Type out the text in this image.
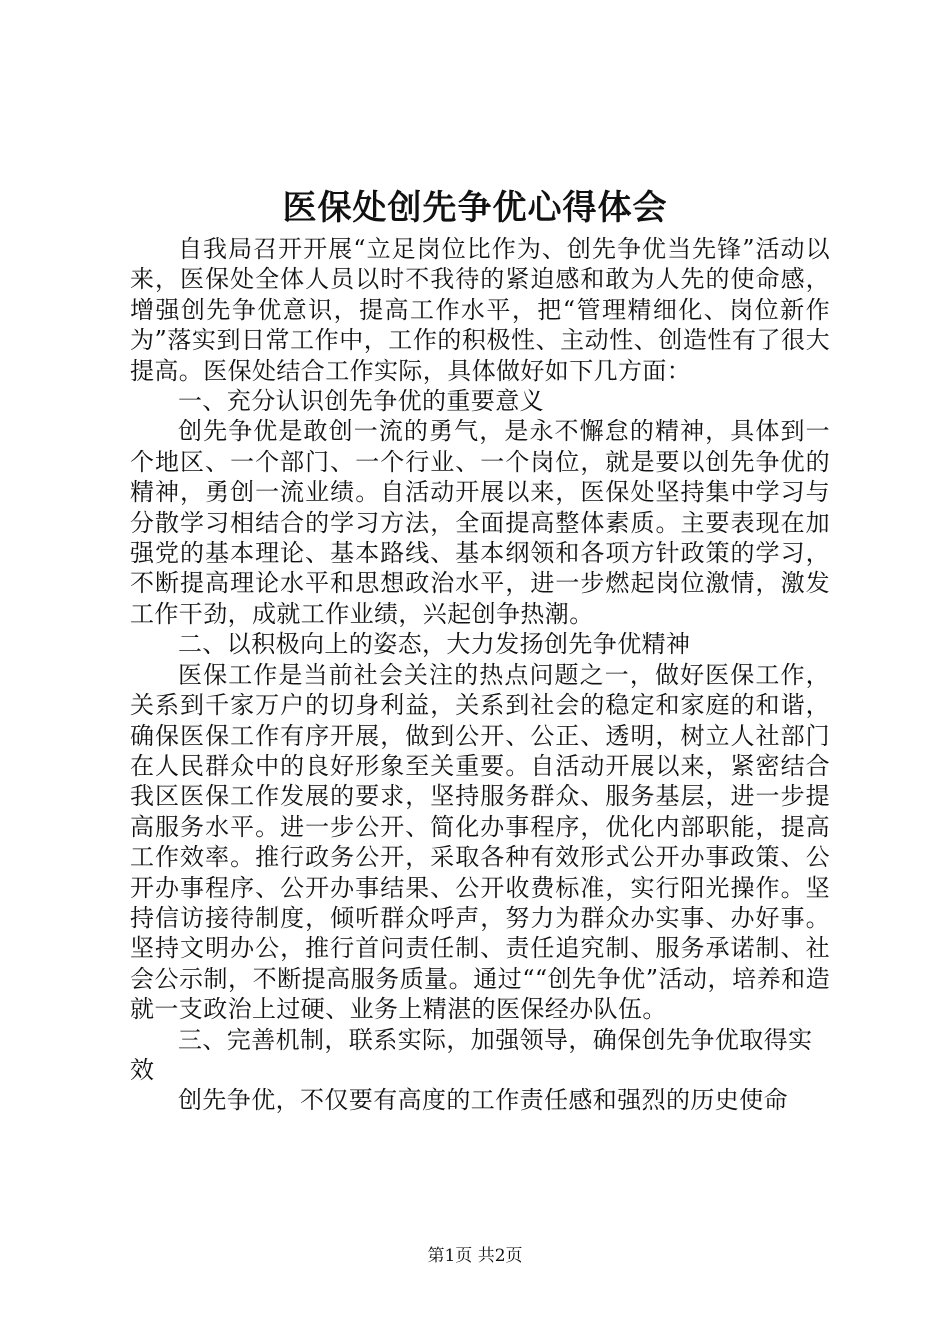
医保处创先争优心得体会

自我局召开开展“立足岗位比作为、创先争优当先锋”活动以来，医保处全体人员以时不我待的紧迫感和敢为人先的使命感，增强创先争优意识，提高工作水平，把“管理精细化、岗位新作为”落实到日常工作中，工作的积极性、主动性、创造性有了很大提高。医保处结合工作实际，具体做好如下几方面：

一、充分认识创先争优的重要意义

创先争优是敢创一流的勇气，是永不懈怠的精神，具体到一个地区、一个部门、一个行业、一个岗位，就是要以创先争优的精神，勇创一流业绩。自活动开展以来，医保处坚持集中学习与分散学习相结合的学习方法，全面提高整体素质。主要表现在加强党的基本理论、基本路线、基本纲领和各项方针政策的学习，不断提高理论水平和思想政治水平，进一步燃起岗位激情，激发工作干劲，成就工作业绩，兴起创争热潮。

二、以积极向上的姿态，大力发扬创先争优精神

医保工作是当前社会关注的热点问题之一，做好医保工作，关系到千家万户的切身利益，关系到社会的稳定和家庭的和谐，确保医保工作有序开展，做到公开、公正、透明，树立人社部门在人民群众中的良好形象至关重要。自活动开展以来，紧密结合我区医保工作发展的要求，坚持服务群众、服务基层，进一步提高服务水平。进一步公开、简化办事程序，优化内部职能，提高工作效率。推行政务公开，采取各种有效形式公开办事政策、公开办事程序、公开办事结果、公开收费标准，实行阳光操作。坚持信访接待制度，倾听群众呼声，努力为群众办实事、办好事。坚持文明办公，推行首问责任制、责任追究制、服务承诺制、社会公示制，不断提高服务质量。通过““创先争优”活动，培养和造就一支政治上过硬、业务上精湛的医保经办队伍。

三、完善机制，联系实际，加强领导，确保创先争优取得实效

创先争优，不仅要有高度的工作责任感和强烈的历史使命

第1页 共2页
